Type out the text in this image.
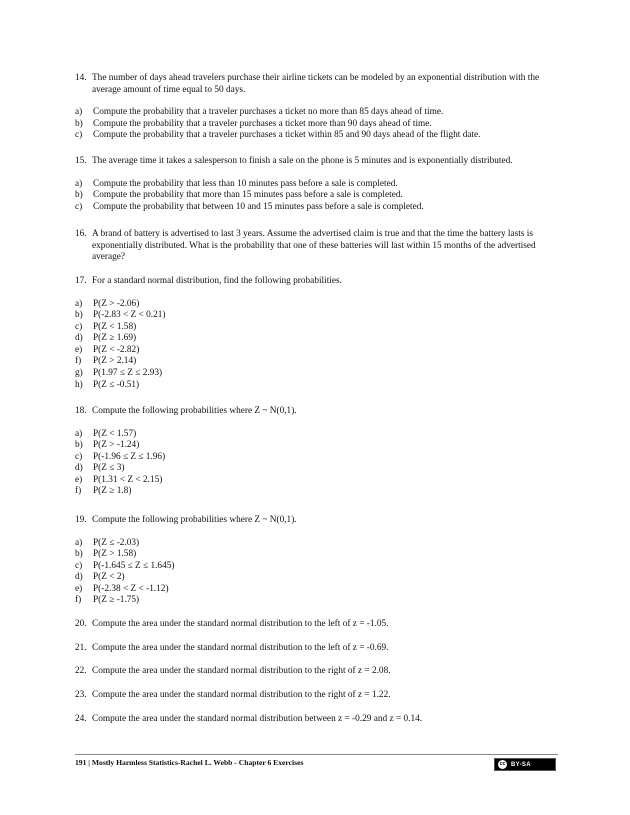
14. The number of days ahead travelers purchase their airline tickets can be modeled by an exponential distribution with the average amount of time equal to 50 days.
a)	Compute the probability that a traveler purchases a ticket no more than 85 days ahead of time.
b)	Compute the probability that a traveler purchases a ticket more than 90 days ahead of time.
c)	Compute the probability that a traveler purchases a ticket within 85 and 90 days ahead of the flight date.
15. The average time it takes a salesperson to finish a sale on the phone is 5 minutes and is exponentially distributed.
a)	Compute the probability that less than 10 minutes pass before a sale is completed.
b)	Compute the probability that more than 15 minutes pass before a sale is completed.
c)	Compute the probability that between 10 and 15 minutes pass before a sale is completed.
16. A brand of battery is advertised to last 3 years. Assume the advertised claim is true and that the time the battery lasts is exponentially distributed. What is the probability that one of these batteries will last within 15 months of the advertised average?
17. For a standard normal distribution, find the following probabilities.
a)	P(Z > -2.06)
b)	P(-2.83 < Z < 0.21)
c)	P(Z < 1.58)
d)	P(Z ≥ 1.69)
e)	P(Z < -2.82)
f)	P(Z > 2.14)
g)	P(1.97 ≤ Z ≤ 2.93)
h)	P(Z ≤ -0.51)
18. Compute the following probabilities where Z ~ N(0,1).
a)	P(Z < 1.57)
b)	P(Z > -1.24)
c)	P(-1.96 ≤ Z ≤ 1.96)
d)	P(Z ≤ 3)
e)	P(1.31 < Z < 2.15)
f)	P(Z ≥ 1.8)
19. Compute the following probabilities where Z ~ N(0,1).
a)	P(Z ≤ -2.03)
b)	P(Z > 1.58)
c)	P(-1.645 ≤ Z ≤ 1.645)
d)	P(Z < 2)
e)	P(-2.38 < Z < -1.12)
f)	P(Z ≥ -1.75)
20. Compute the area under the standard normal distribution to the left of z = -1.05.
21. Compute the area under the standard normal distribution to the left of z = -0.69.
22. Compute the area under the standard normal distribution to the right of z = 2.08.
23. Compute the area under the standard normal distribution to the right of z = 1.22.
24. Compute the area under the standard normal distribution between z = -0.29 and z = 0.14.
191 | Mostly Harmless Statistics-Rachel L. Webb - Chapter 6 Exercises	cc BY-SA
